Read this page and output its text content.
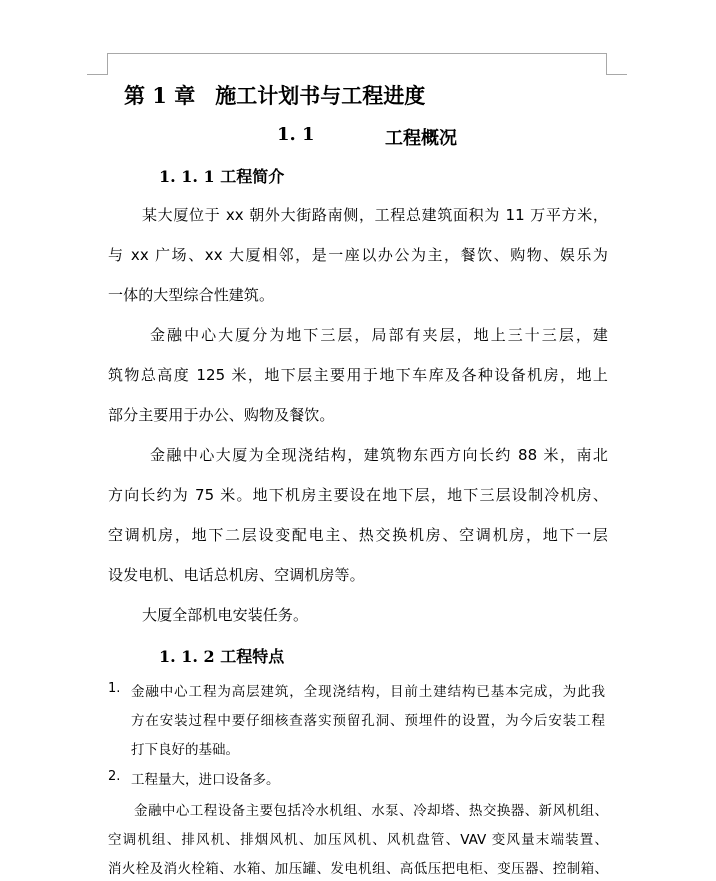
第 1 章 施工计划书与工程进度
1. 1	工程概况
1. 1. 1 工程简介
某大厦位于 xx 朝外大街路南侧，工程总建筑面积为 11 万平方米，
与 xx 广场、xx 大厦相邻，是一座以办公为主，餐饮、购物、娱乐为
一体的大型综合性建筑。
金融中心大厦分为地下三层，局部有夹层，地上三十三层，建
筑物总高度 125 米，地下层主要用于地下车库及各种设备机房，地上
部分主要用于办公、购物及餐饮。
金融中心大厦为全现浇结构，建筑物东西方向长约 88 米，南北
方向长约为 75 米。地下机房主要设在地下层，地下三层设制冷机房、
空调机房，地下二层设变配电主、热交换机房、空调机房，地下一层
设发电机、电话总机房、空调机房等。
大厦全部机电安装任务。
1. 1. 2 工程特点
1. 金融中心工程为高层建筑，全现浇结构，目前土建结构已基本完成，为此我
方在安装过程中要仔细核查落实预留孔洞、预埋件的设置，为今后安装工程
打下良好的基础。
2. 工程量大，进口设备多。
金融中心工程设备主要包括冷水机组、水泵、冷却塔、热交换器、新风机组、
空调机组、排风机、排烟风机、加压风机、风机盘管、VAV 变风量末端装置、
消火栓及消火栓箱、水箱、加压罐、发电机组、高低压把电柜、变压器、控制箱、
